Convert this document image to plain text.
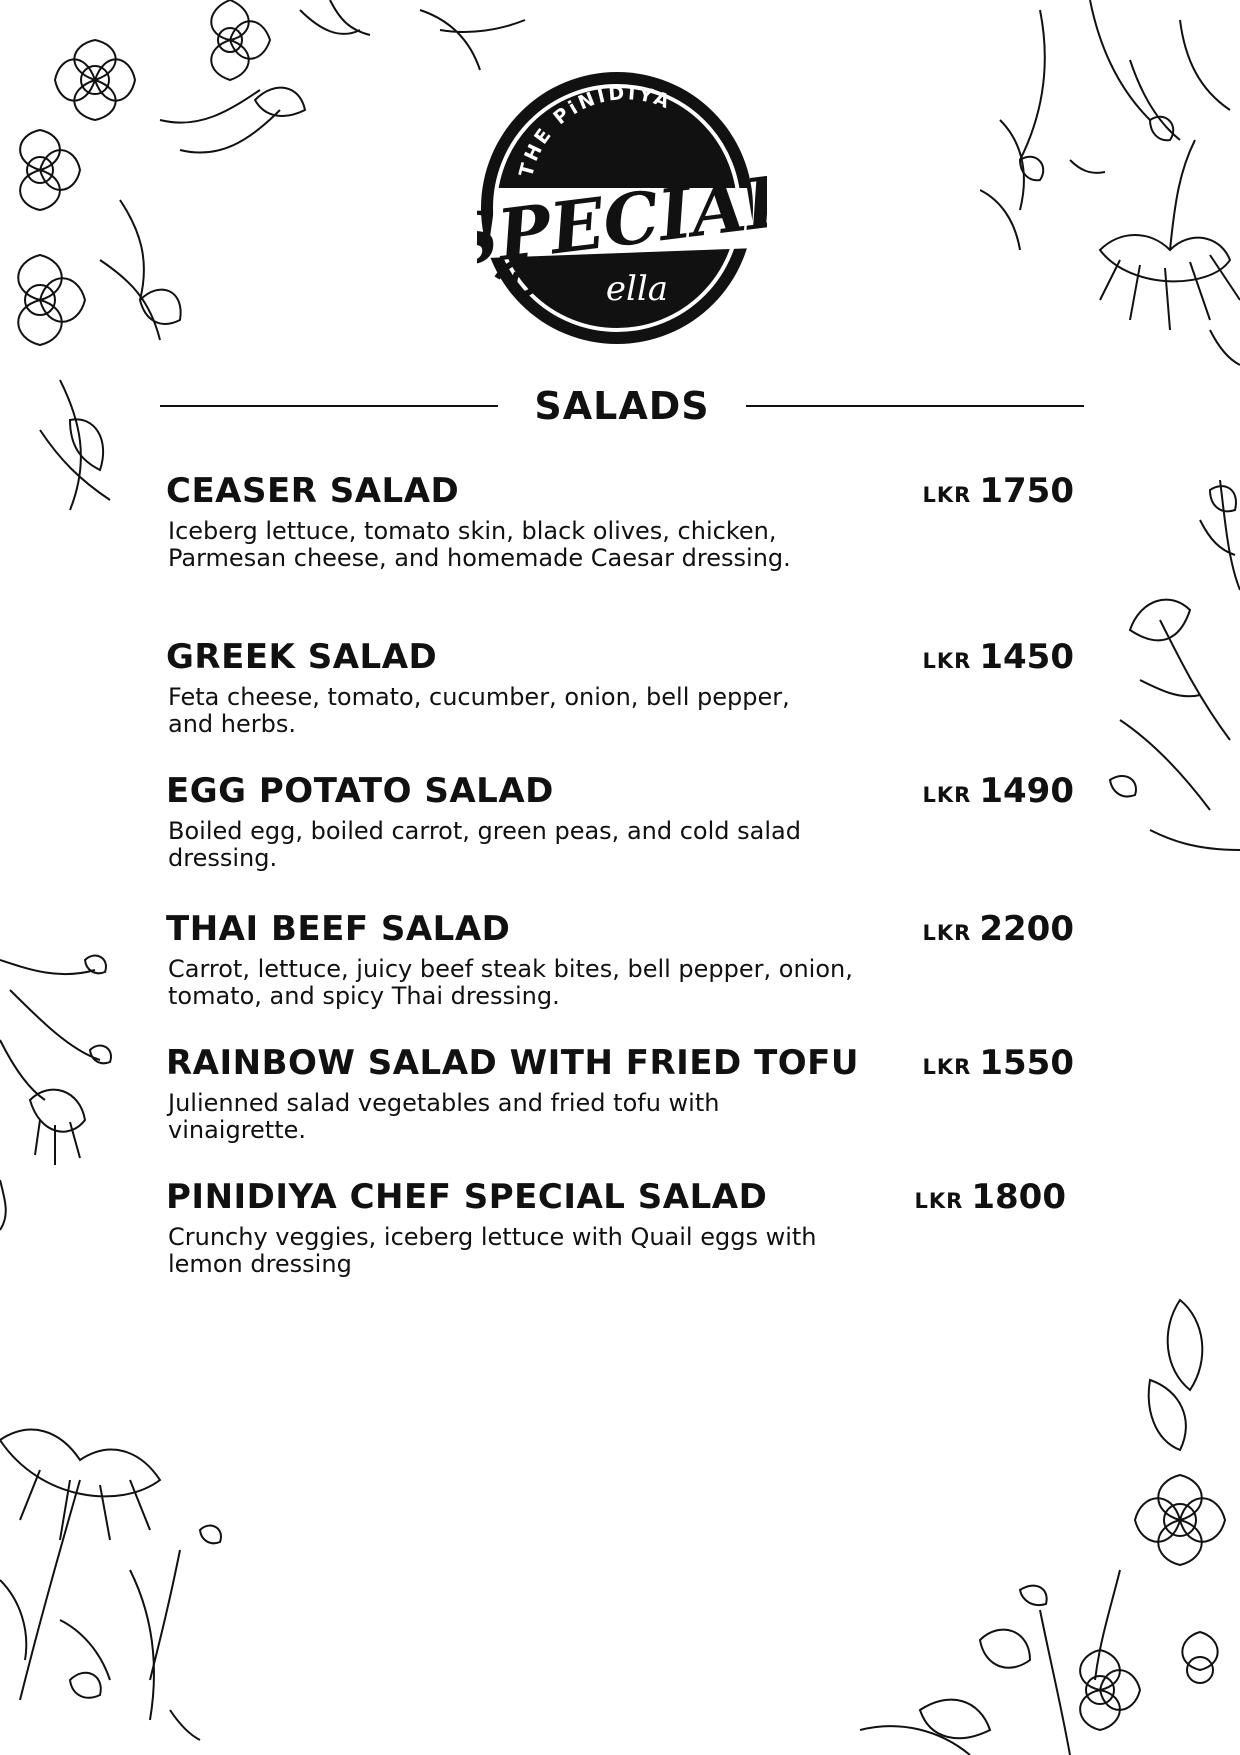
THE PiNIDIYA
SPECIAL
ella
SALADS
CEASER SALAD	LKR 1750
Iceberg lettuce, tomato skin, black olives, chicken, Parmesan cheese, and homemade Caesar dressing.
GREEK SALAD	LKR 1450
Feta cheese, tomato, cucumber, onion, bell pepper, and herbs.
EGG POTATO SALAD	LKR 1490
Boiled egg, boiled carrot, green peas, and cold salad dressing.
THAI BEEF SALAD	LKR 2200
Carrot, lettuce, juicy beef steak bites, bell pepper, onion, tomato, and spicy Thai dressing.
RAINBOW SALAD WITH FRIED TOFU	LKR 1550
Julienned salad vegetables and fried tofu with vinaigrette.
PINIDIYA CHEF SPECIAL SALAD	LKR 1800
Crunchy veggies, iceberg lettuce with Quail eggs with lemon dressing
